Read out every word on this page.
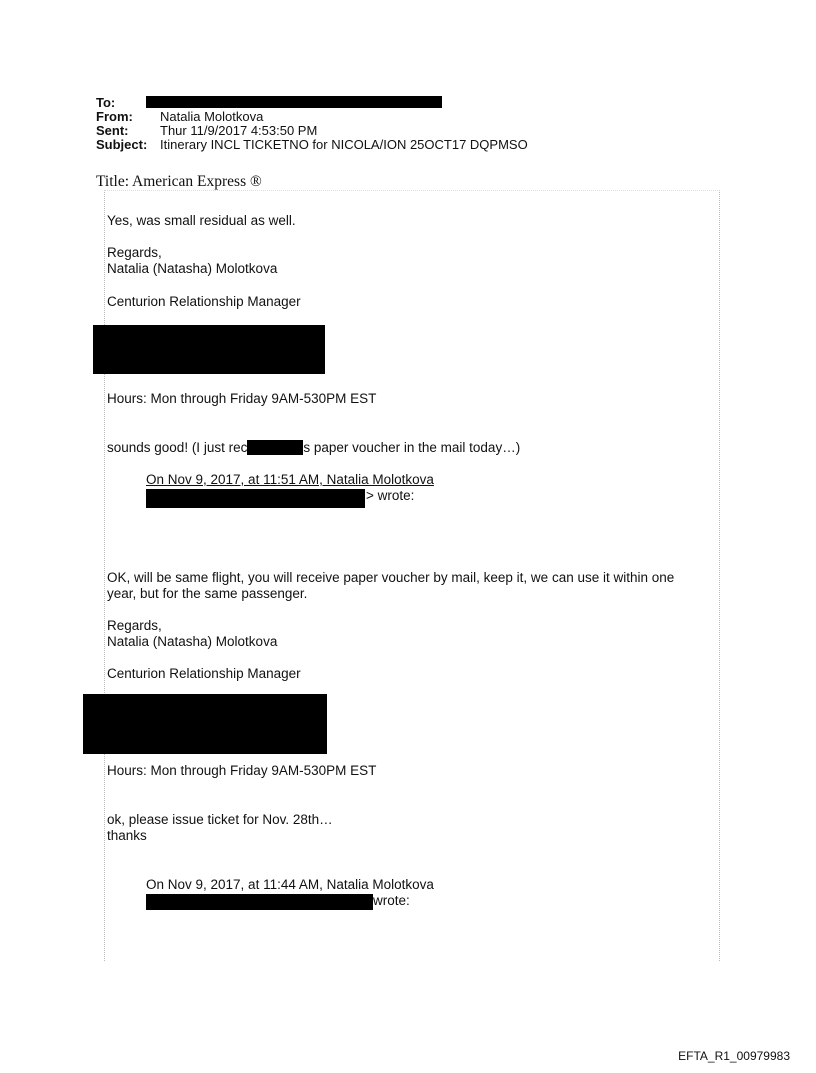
To:
From:	Natalia Molotkova
Sent:	Thur 11/9/2017 4:53:50 PM
Subject: Itinerary INCL TICKETNO for NICOLA/ION 25OCT17 DQPMSO
Title: American Express ®
Yes, was small residual as well.
Regards,
Natalia (Natasha) Molotkova
Centurion Relationship Manager
Hours: Mon through Friday 9AM-530PM EST
sounds good! (I just rec	s paper voucher in the mail today…)
On Nov 9, 2017, at 11:51 AM, Natalia Molotkova
> wrote:
OK, will be same flight, you will receive paper voucher by mail, keep it, we can use it within one
year, but for the same passenger.
Regards,
Natalia (Natasha) Molotkova
Centurion Relationship Manager
Hours: Mon through Friday 9AM-530PM EST
ok, please issue ticket for Nov. 28th…
thanks
On Nov 9, 2017, at 11:44 AM, Natalia Molotkova
wrote:
EFTA_R1_00979983
